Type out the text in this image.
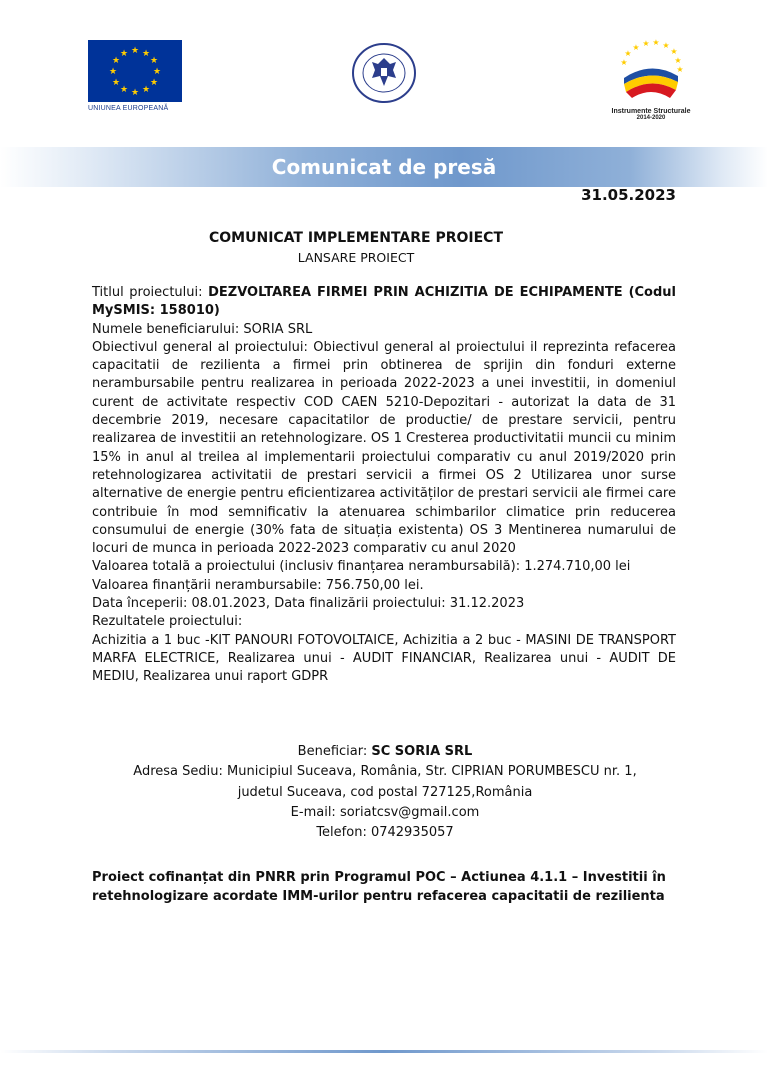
★ ★
★
★
★
★
★
★
★
★
★
★
UNIUNEA EUROPEANĂ
★ ★ ★ ★
★
★
★	★
★
Instrumente Structurale
2014-2020
Comunicat de presă
31.05.2023
COMUNICAT IMPLEMENTARE PROIECT
LANSARE PROIECT

Titlul proiectului: DEZVOLTAREA FIRMEI PRIN ACHIZITIA DE ECHIPAMENTE (Codul MySMIS: 158010)

Numele beneficiarului: SORIA SRL

Obiectivul general al proiectului: Obiectivul general al proiectului il reprezinta refacerea capacitatii de rezilienta a firmei prin obtinerea de sprijin din fonduri externe nerambursabile pentru realizarea in perioada 2022-2023 a unei investitii, in domeniul curent de activitate respectiv COD CAEN 5210-Depozitari - autorizat la data de 31 decembrie 2019, necesare capacitatilor de productie/ de prestare servicii, pentru realizarea de investitii an retehnologizare. OS 1 Cresterea productivitatii muncii cu minim 15% in anul al treilea al implementarii proiectului comparativ cu anul 2019/2020 prin retehnologizarea activitatii de prestari servicii a firmei OS 2 Utilizarea unor surse alternative de energie pentru eficientizarea activităților de prestari servicii ale firmei care contribuie în mod semnificativ la atenuarea schimbarilor climatice prin reducerea consumului de energie (30% fata de situația existenta) OS 3 Mentinerea numarului de locuri de munca in perioada 2022-2023 comparativ cu anul 2020

Valoarea totală a proiectului (inclusiv finanțarea nerambursabilă): 1.274.710,00 lei

Valoarea finanțării nerambursabile: 756.750,00 lei.

Data începerii: 08.01.2023, Data finalizării proiectului: 31.12.2023

Rezultatele proiectului:

Achizitia a 1 buc -KIT PANOURI FOTOVOLTAICE, Achizitia a 2 buc - MASINI DE TRANSPORT MARFA ELECTRICE, Realizarea unui - AUDIT FINANCIAR, Realizarea unui - AUDIT DE MEDIU, Realizarea unui raport GDPR

Beneficiar: SC SORIA SRL

Adresa Sediu: Municipiul Suceava, România, Str. CIPRIAN PORUMBESCU nr. 1,

judetul Suceava, cod postal 727125,România

E-mail: soriatcsv@gmail.com

Telefon: 0742935057

Proiect cofinanțat din PNRR prin Programul POC – Actiunea 4.1.1 – Investitii în retehnologizare acordate IMM-urilor pentru refacerea capacitatii de rezilienta
